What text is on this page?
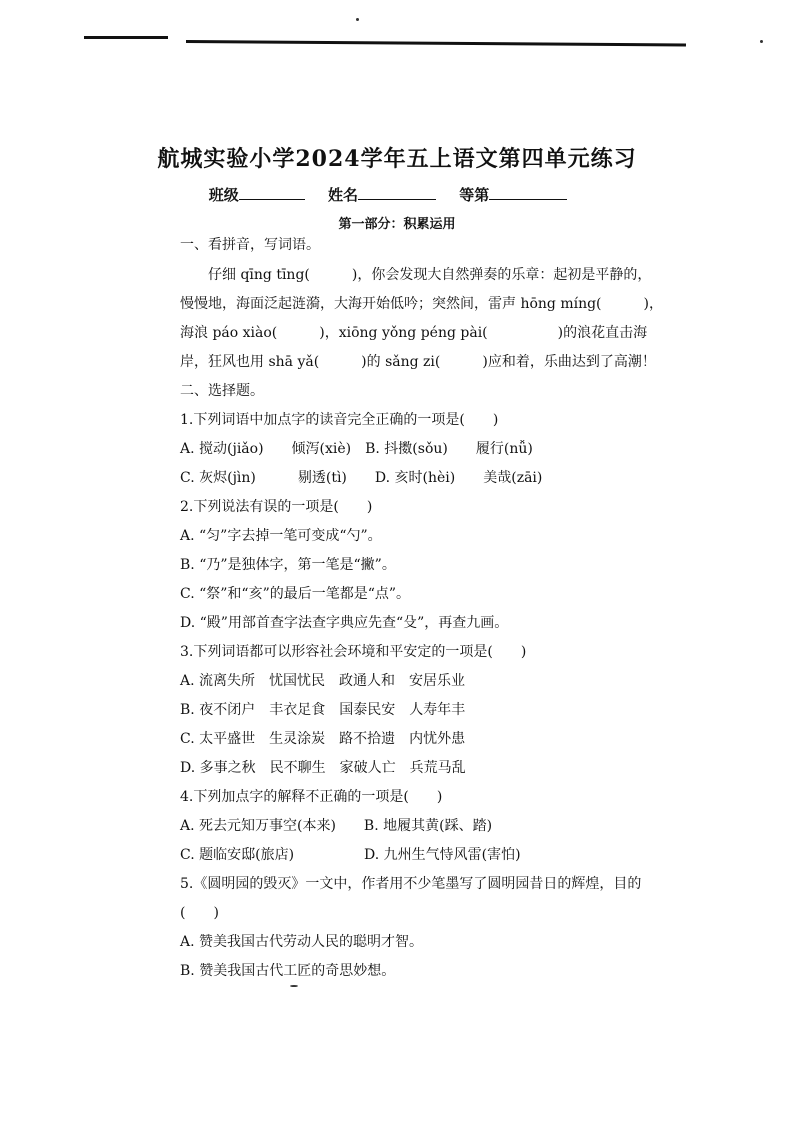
航城实验小学2024学年五上语文第四单元练习
班级	姓名	等第
第一部分：积累运用
一、看拼音，写词语。
仔细 qīng tīng(　　　)，你会发现大自然弹奏的乐章：起初是平静的，
慢慢地，海面泛起涟漪，大海开始低吟；突然间，雷声 hōng míng(　　　)，
海浪 páo xiào(　　　)，xiōng yǒng péng pài(　　　　　)的浪花直击海
岸，狂风也用 shā yǎ(　　　)的 sǎng zi(　　　)应和着，乐曲达到了高潮！
二、选择题。
1.下列词语中加点字的读音完全正确的一项是(　　)
A. 搅动(jiǎo)　　倾泻(xiè)　B. 抖擞(sǒu)　　履行(nǚ)
C. 灰烬(jìn)　　　剔透(tì)　　D. 亥时(hèi)　　美哉(zāi)
2.下列说法有误的一项是(　　)
A. “匀”字去掉一笔可变成“勺”。
B. “乃”是独体字，第一笔是“撇”。
C. “祭”和“亥”的最后一笔都是“点”。
D. “殿”用部首查字法查字典应先查“殳”，再查九画。
3.下列词语都可以形容社会环境和平安定的一项是(　　)
A. 流离失所　忧国忧民　政通人和　安居乐业
B. 夜不闭户　丰衣足食　国泰民安　人寿年丰
C. 太平盛世　生灵涂炭　路不拾遗　内忧外患
D. 多事之秋　民不聊生　家破人亡　兵荒马乱
4.下列加点字的解释不正确的一项是(　　)
A. 死去元知万事空(本来)　　B. 地履其黄(踩、踏)
C. 题临安邸(旅店)　　　　　D. 九州生气恃风雷(害怕)
5.《圆明园的毁灭》一文中，作者用不少笔墨写了圆明园昔日的辉煌，目的
(　　)
A. 赞美我国古代劳动人民的聪明才智。
B. 赞美我国古代工匠的奇思妙想。
